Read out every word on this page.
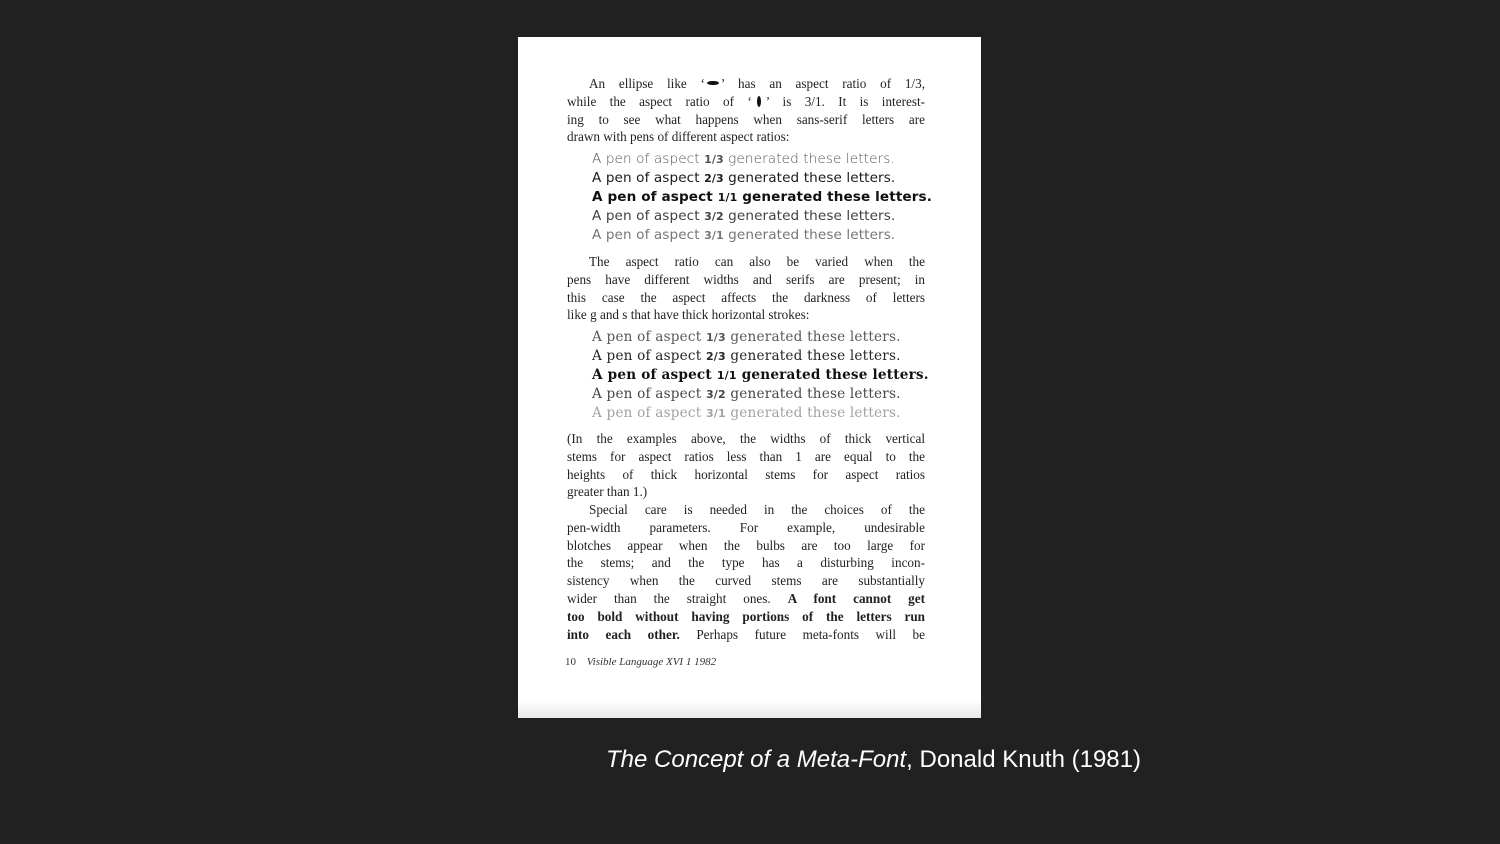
An ellipse like ‘ ’ has an aspect ratio of 1/3,
while the aspect ratio of ‘ ’ is 3/1. It is interest-
ing to see what happens when sans-serif letters are
drawn with pens of different aspect ratios:
A pen of aspect 1/3 generated these letters.
A pen of aspect 2/3 generated these letters.
A pen of aspect 1/1 generated these letters.
A pen of aspect 3/2 generated these letters.
A pen of aspect 3/1 generated these letters.
The aspect ratio can also be varied when the
pens have different widths and serifs are present; in
this case the aspect affects the darkness of letters
like g and s that have thick horizontal strokes:
A pen of aspect 1/3 generated these letters.
A pen of aspect 2/3 generated these letters.
A pen of aspect 1/1 generated these letters.
A pen of aspect 3/2 generated these letters.
A pen of aspect 3/1 generated these letters.
(In the examples above, the widths of thick vertical
stems for aspect ratios less than 1 are equal to the
heights of thick horizontal stems for aspect ratios
greater than 1.)
Special care is needed in the choices of the
pen-width parameters. For example, undesirable
blotches appear when the bulbs are too large for
the stems; and the type has a disturbing incon-
sistency when the curved stems are substantially
wider than the straight ones. A font cannot get
too bold without having portions of the letters run
into each other. Perhaps future meta-fonts will be
10 Visible Language XVI 1 1982
The Concept of a Meta-Font, Donald Knuth (1981)
